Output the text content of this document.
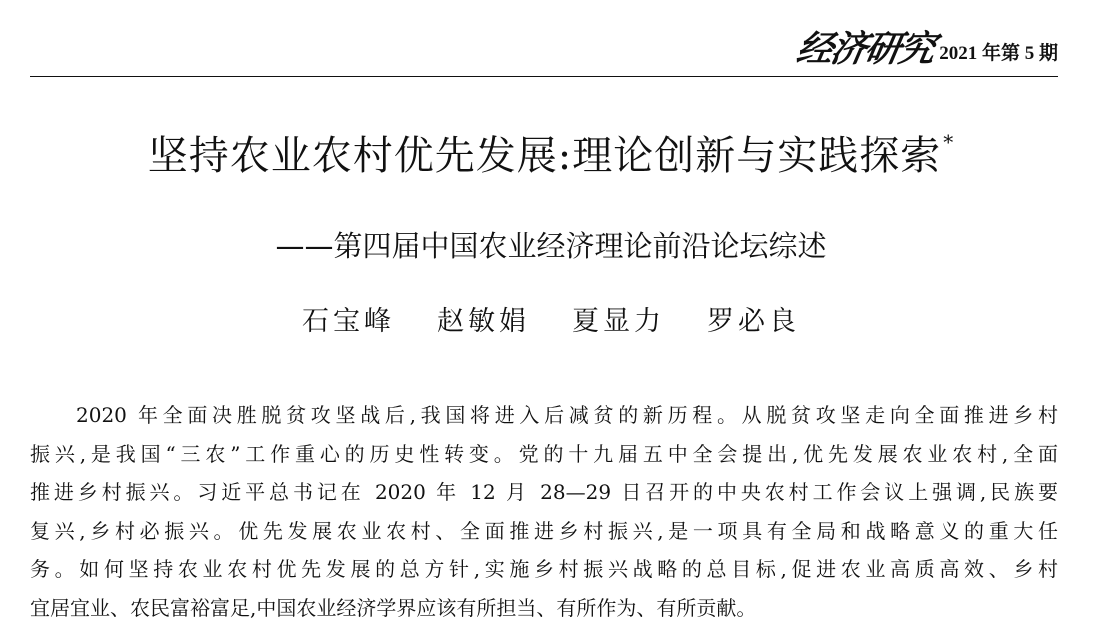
经济研究 2021 年第 5 期
坚持农业农村优先发展:理论创新与实践探索 *
——第四届中国农业经济理论前沿论坛综述
石宝峰 赵敏娟 夏显力 罗必良
2020 年全面决胜脱贫攻坚战后,我国将进入后减贫的新历程。从脱贫攻坚走向全面推进乡村
振兴,是我国“三农”工作重心的历史性转变。党的十九届五中全会提出,优先发展农业农村,全面
推进乡村振兴。习近平总书记在 2020 年 12 月 28—29 日召开的中央农村工作会议上强调,民族要
复兴,乡村必振兴。优先发展农业农村、全面推进乡村振兴,是一项具有全局和战略意义的重大任
务。如何坚持农业农村优先发展的总方针,实施乡村振兴战略的总目标,促进农业高质高效、乡村
宜居宜业、农民富裕富足,中国农业经济学界应该有所担当、有所作为、有所贡献。
